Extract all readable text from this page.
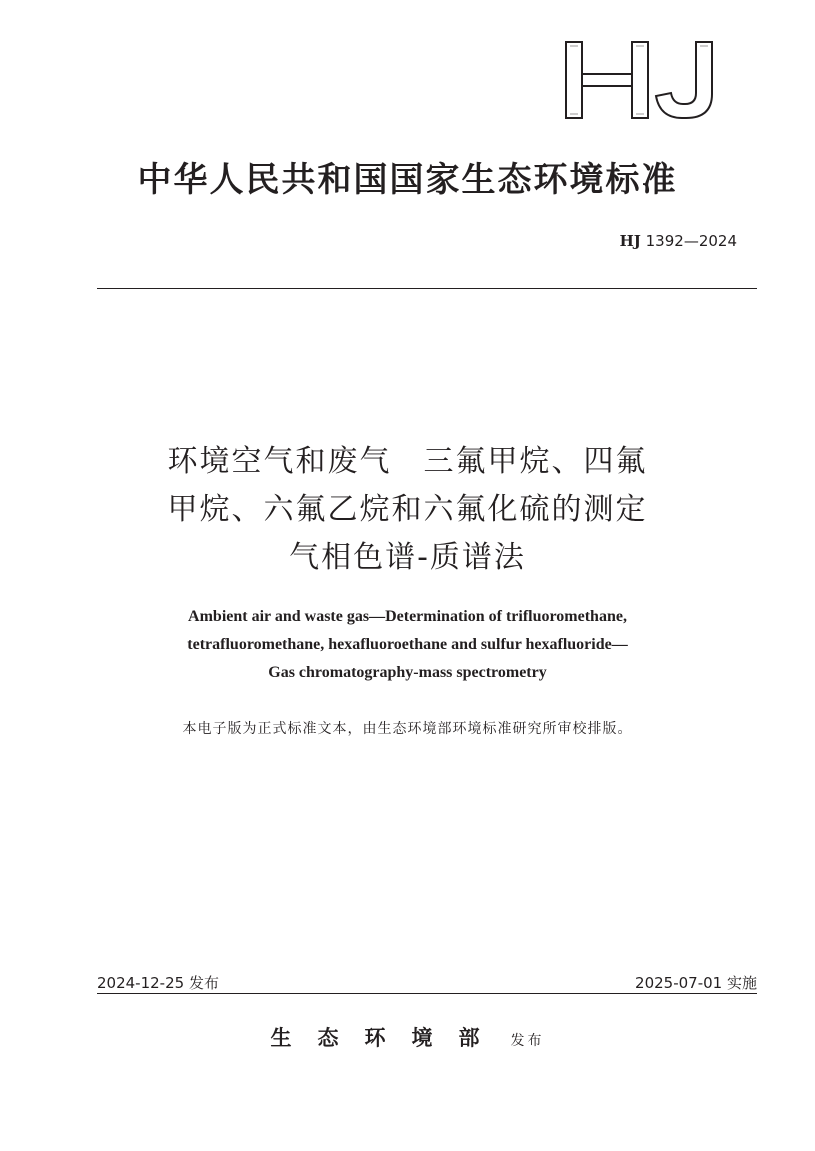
中华人民共和国国家生态环境标准
HJ 1392—2024
环境空气和废气　三氟甲烷、四氟
甲烷、六氟乙烷和六氟化硫的测定
气相色谱-质谱法
Ambient air and waste gas—Determination of trifluoromethane,
tetrafluoromethane, hexafluoroethane and sulfur hexafluoride—
Gas chromatography-mass spectrometry
本电子版为正式标准文本，由生态环境部环境标准研究所审校排版。
2024-12-25 发布	2025-07-01 实施
生态环境部 发布
